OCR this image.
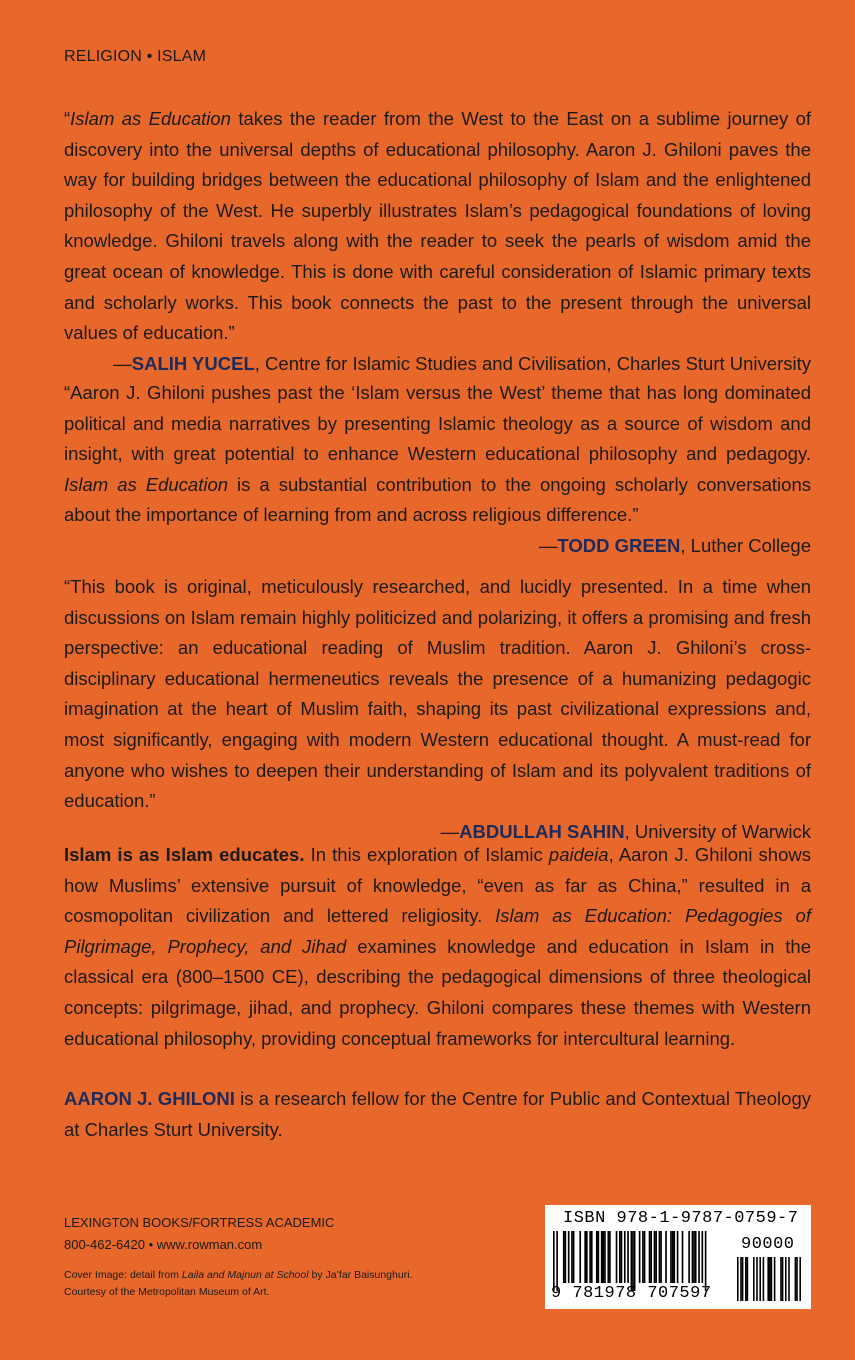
RELIGION • ISLAM
“Islam as Education takes the reader from the West to the East on a sublime journey of discovery into the universal depths of educational philosophy. Aaron J. Ghiloni paves the way for building bridges between the educational philosophy of Islam and the enlightened philosophy of the West. He superbly illustrates Islam’s pedagogical foundations of loving knowledge. Ghiloni travels along with the reader to seek the pearls of wisdom amid the great ocean of knowledge. This is done with careful consideration of Islamic primary texts and scholarly works. This book connects the past to the present through the universal values of education.”
—SALIH YUCEL, Centre for Islamic Studies and Civilisation, Charles Sturt University
“Aaron J. Ghiloni pushes past the ‘Islam versus the West’ theme that has long dominated political and media narratives by presenting Islamic theology as a source of wisdom and insight, with great potential to enhance Western educational philosophy and pedagogy. Islam as Education is a substantial contribution to the ongoing scholarly conversations about the importance of learning from and across religious difference.”
—TODD GREEN, Luther College
“This book is original, meticulously researched, and lucidly presented. In a time when discussions on Islam remain highly politicized and polarizing, it offers a promising and fresh perspective: an educational reading of Muslim tradition. Aaron J. Ghiloni’s cross-disciplinary educational hermeneutics reveals the presence of a humanizing pedagogic imagination at the heart of Muslim faith, shaping its past civilizational expressions and, most significantly, engaging with modern Western educational thought. A must-read for anyone who wishes to deepen their understanding of Islam and its polyvalent traditions of education.”
—ABDULLAH SAHIN, University of Warwick
Islam is as Islam educates. In this exploration of Islamic paideia, Aaron J. Ghiloni shows how Muslims’ extensive pursuit of knowledge, “even as far as China,” resulted in a cosmopolitan civilization and lettered religiosity. Islam as Education: Pedagogies of Pilgrimage, Prophecy, and Jihad examines knowledge and education in Islam in the classical era (800–1500 CE), describing the pedagogical dimensions of three theological concepts: pilgrimage, jihad, and prophecy. Ghiloni compares these themes with Western educational philosophy, providing conceptual frameworks for intercultural learning.
AARON J. GHILONI is a research fellow for the Centre for Public and Contextual Theology at Charles Sturt University.
LEXINGTON BOOKS/FORTRESS ACADEMIC
800-462-6420 • www.rowman.com
Cover Image: detail from Laila and Majnun at School by Ja’far Baisunghuri.
Courtesy of the Metropolitan Museum of Art.
ISBN 978-1-9787-0759-7
90000
9 781978 707597
